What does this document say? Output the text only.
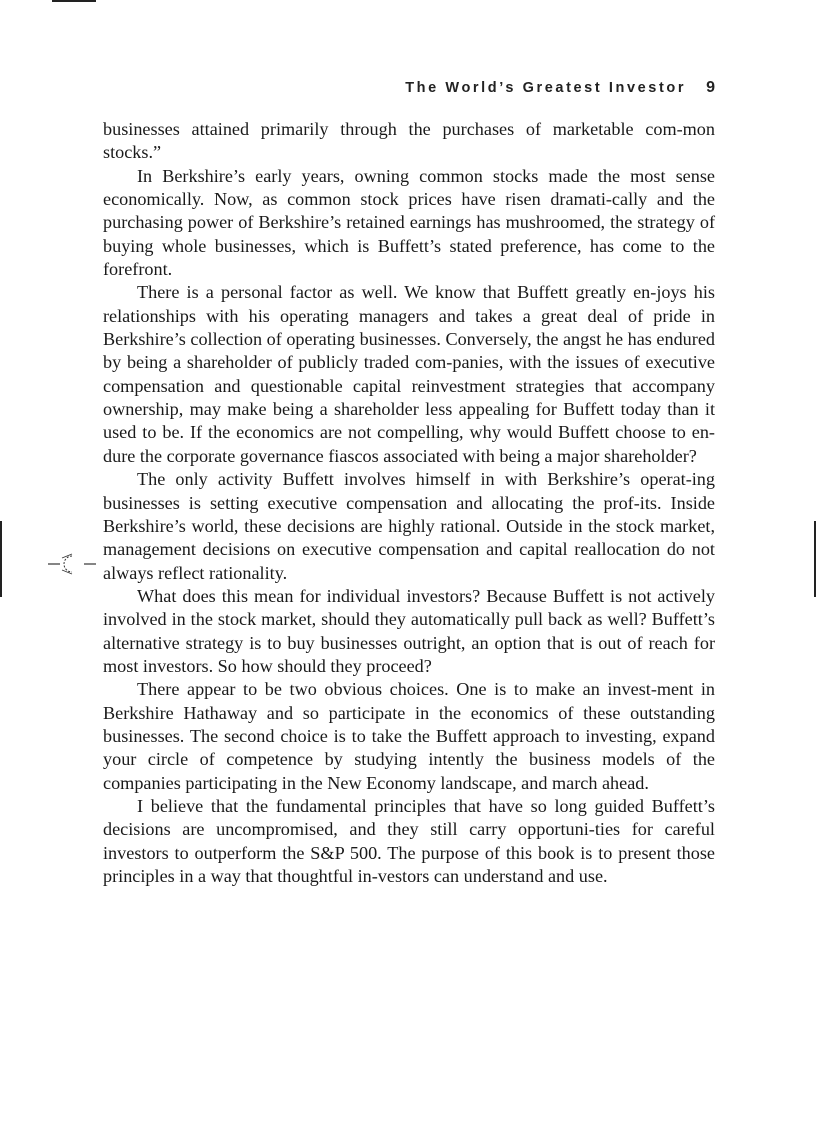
The World’s Greatest Investor 9

businesses attained primarily through the purchases of marketable com-mon stocks.”

In Berkshire’s early years, owning common stocks made the most sense economically. Now, as common stock prices have risen dramati-cally and the purchasing power of Berkshire’s retained earnings has mushroomed, the strategy of buying whole businesses, which is Buffett’s stated preference, has come to the forefront.

There is a personal factor as well. We know that Buffett greatly en-joys his relationships with his operating managers and takes a great deal of pride in Berkshire’s collection of operating businesses. Conversely, the angst he has endured by being a shareholder of publicly traded com-panies, with the issues of executive compensation and questionable capital reinvestment strategies that accompany ownership, may make being a shareholder less appealing for Buffett today than it used to be. If the economics are not compelling, why would Buffett choose to en-dure the corporate governance fiascos associated with being a major shareholder?

The only activity Buffett involves himself in with Berkshire’s operat-ing businesses is setting executive compensation and allocating the prof-its. Inside Berkshire’s world, these decisions are highly rational. Outside in the stock market, management decisions on executive compensation and capital reallocation do not always reflect rationality.

What does this mean for individual investors? Because Buffett is not actively involved in the stock market, should they automatically pull back as well? Buffett’s alternative strategy is to buy businesses outright, an option that is out of reach for most investors. So how should they proceed?

There appear to be two obvious choices. One is to make an invest-ment in Berkshire Hathaway and so participate in the economics of these outstanding businesses. The second choice is to take the Buffett approach to investing, expand your circle of competence by studying intently the business models of the companies participating in the New Economy landscape, and march ahead.

I believe that the fundamental principles that have so long guided Buffett’s decisions are uncompromised, and they still carry opportuni-ties for careful investors to outperform the S&P 500. The purpose of this book is to present those principles in a way that thoughtful in-vestors can understand and use.
